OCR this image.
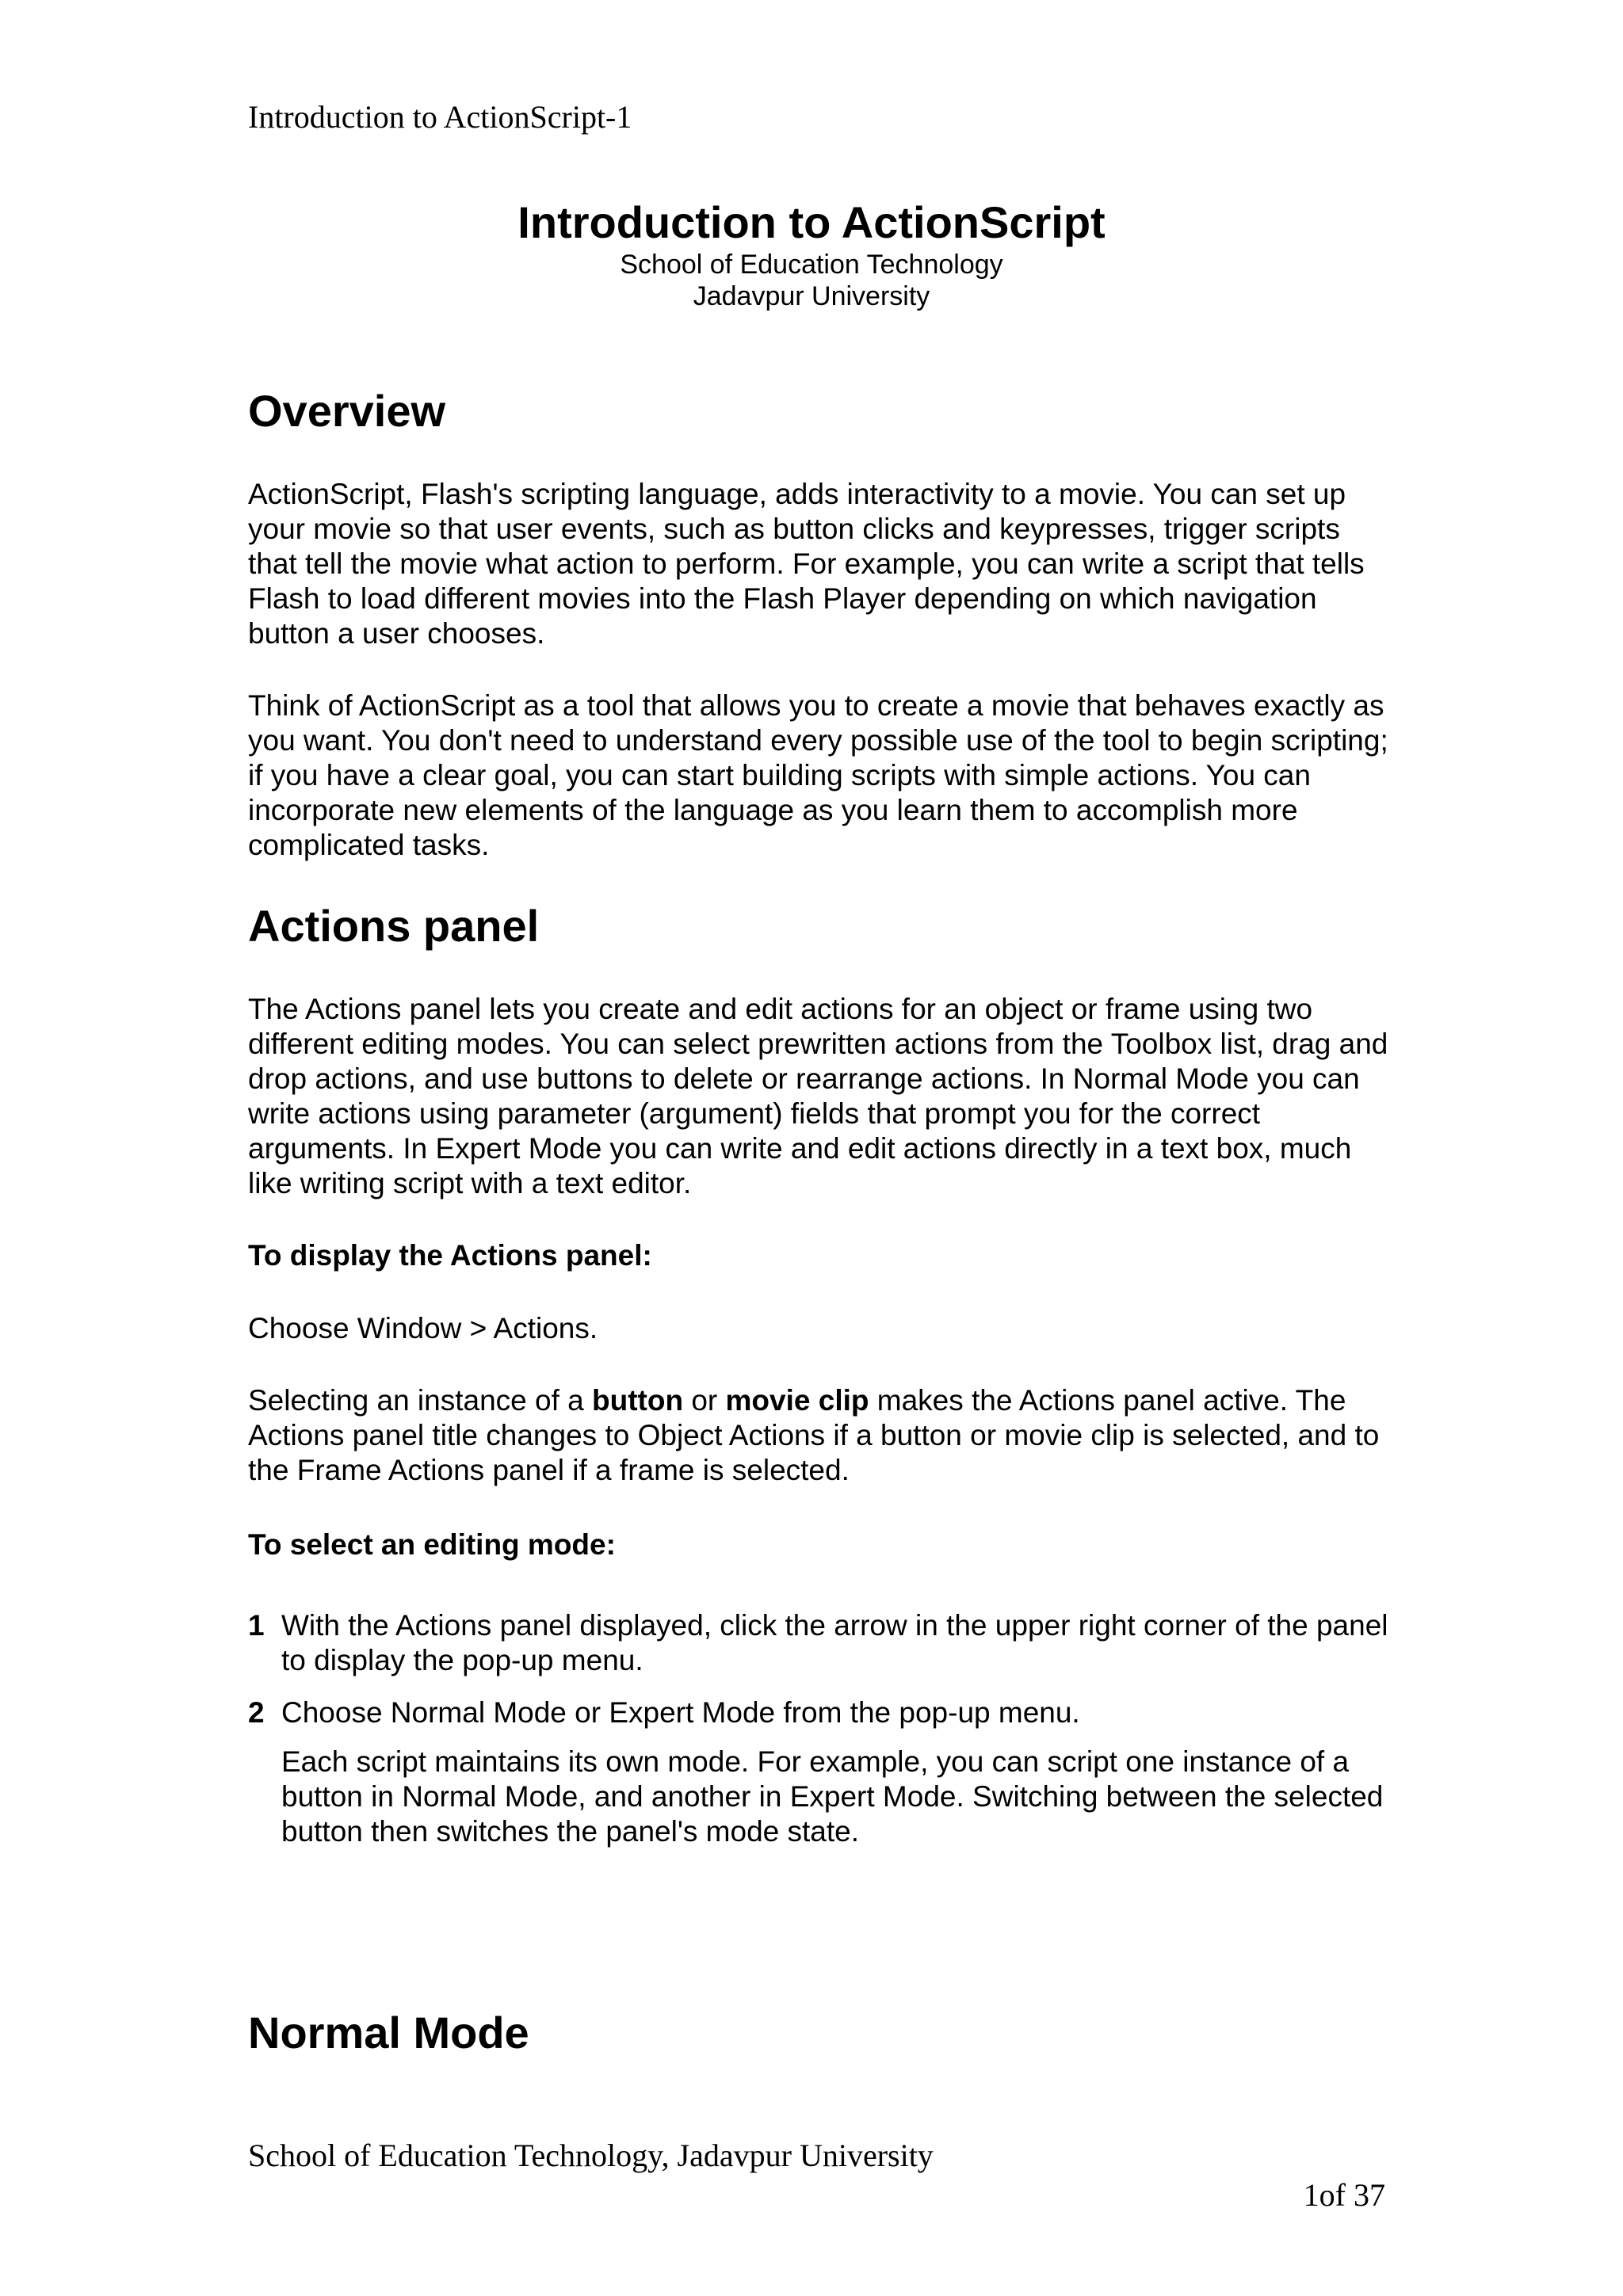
Introduction to ActionScript-1

Introduction to ActionScript

School of Education Technology

Jadavpur University

Overview

ActionScript, Flash's scripting language, adds interactivity to a movie. You can set up your movie so that user events, such as button clicks and keypresses, trigger scripts that tell the movie what action to perform. For example, you can write a script that tells Flash to load different movies into the Flash Player depending on which navigation button a user chooses.

Think of ActionScript as a tool that allows you to create a movie that behaves exactly as you want. You don't need to understand every possible use of the tool to begin scripting; if you have a clear goal, you can start building scripts with simple actions. You can incorporate new elements of the language as you learn them to accomplish more complicated tasks.

Actions panel

The Actions panel lets you create and edit actions for an object or frame using two different editing modes. You can select prewritten actions from the Toolbox list, drag and drop actions, and use buttons to delete or rearrange actions. In Normal Mode you can write actions using parameter (argument) fields that prompt you for the correct arguments. In Expert Mode you can write and edit actions directly in a text box, much like writing script with a text editor.

To display the Actions panel:

Choose Window > Actions.

Selecting an instance of a button or movie clip makes the Actions panel active. The Actions panel title changes to Object Actions if a button or movie clip is selected, and to the Frame Actions panel if a frame is selected.

To select an editing mode:

1 With the Actions panel displayed, click the arrow in the upper right corner of the panel to display the pop-up menu.
2 Choose Normal Mode or Expert Mode from the pop-up menu.
Each script maintains its own mode. For example, you can script one instance of a button in Normal Mode, and another in Expert Mode. Switching between the selected button then switches the panel's mode state.
Normal Mode

School of Education Technology, Jadavpur University

1of 37
